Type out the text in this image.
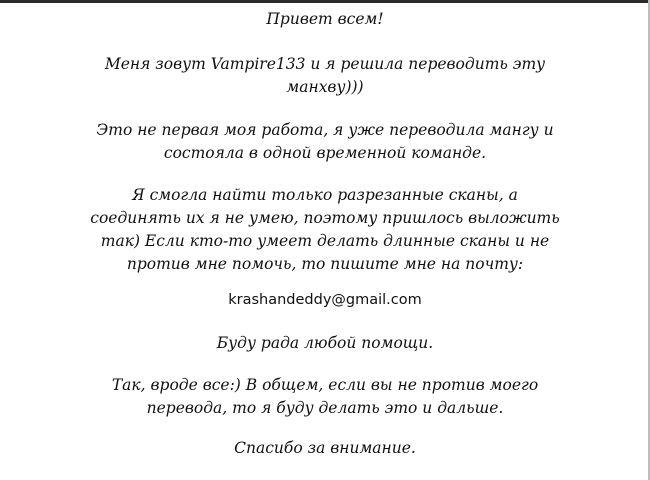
Привет всем!
Меня зовут Vampire133 и я решила переводить эту
манхву)))
Это не первая моя работа, я уже переводила мангу и
состояла в одной временной команде.
Я смогла найти только разрезанные сканы, а
соединять их я не умею, поэтому пришлось выложить
так) Если кто-то умеет делать длинные сканы и не
против мне помочь, то пишите мне на почту:
krashandeddy@gmail.com
Буду рада любой помощи.
Так, вроде все:) В общем, если вы не против моего
перевода, то я буду делать это и дальше.
Спасибо за внимание.
